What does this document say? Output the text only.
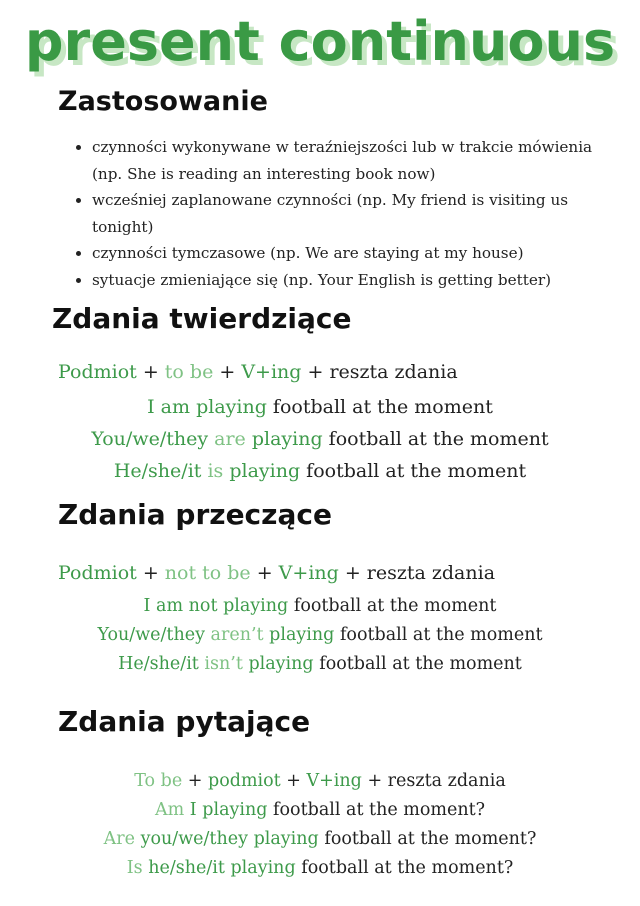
present continuous
Zastosowanie
• czynności wykonywane w teraźniejszości lub w trakcie mówienia (np. She is reading an interesting book now)
• wcześniej zaplanowane czynności (np. My friend is visiting us tonight)
• czynności tymczasowe (np. We are staying at my house)
• sytuacje zmieniające się (np. Your English is getting better)
Zdania twierdziące
Podmiot + to be + V+ing + reszta zdania
I am playing football at the moment
You/we/they are playing football at the moment
He/she/it is playing football at the moment
Zdania przeczące
Podmiot + not to be + V+ing + reszta zdania
I am not playing football at the moment
You/we/they aren’t playing football at the moment
He/she/it isn’t playing football at the moment
Zdania pytające
To be + podmiot + V+ing + reszta zdania
Am I playing football at the moment?
Are you/we/they playing football at the moment?
Is he/she/it playing football at the moment?
